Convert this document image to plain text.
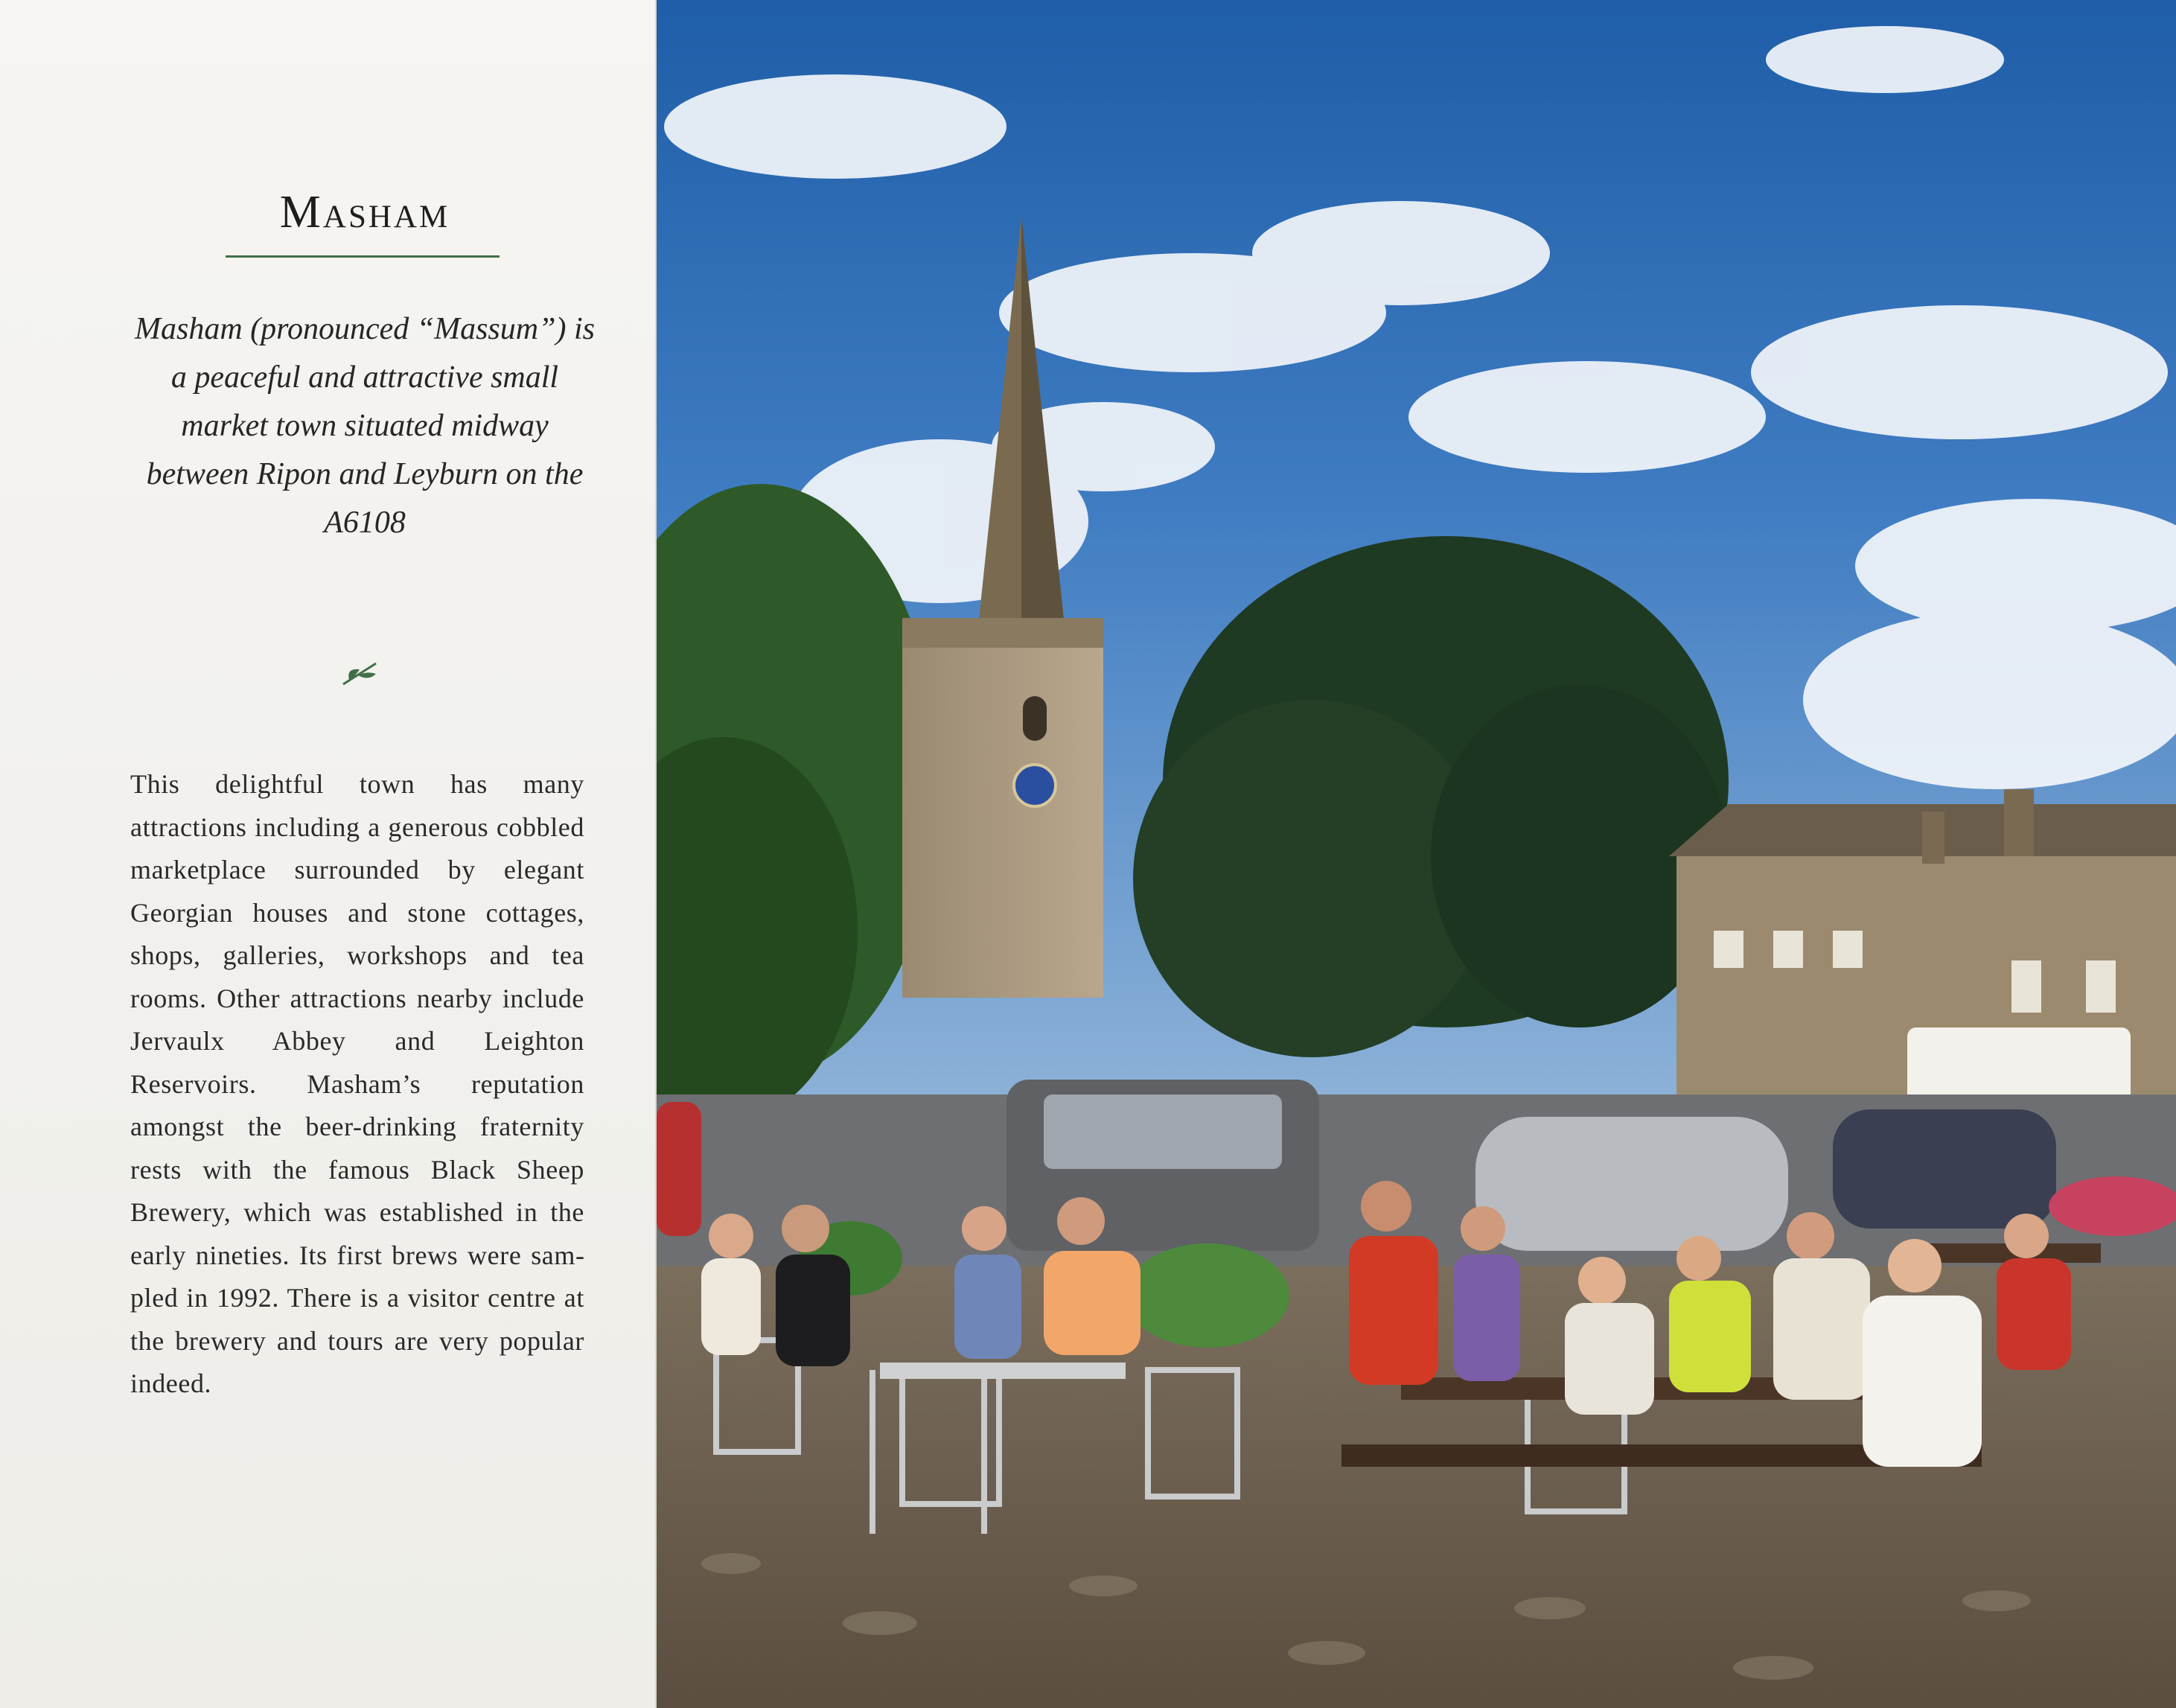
Masham
Masham (pronounced “Massum”) is a peaceful and attractive small market town situated midway between Ripon and Leyburn on the A6108
This delightful town has many attractions including a generous cobbled marketplace surrounded by elegant Georgian houses and stone cottages, shops, galleries, workshops and tea rooms. Other attractions nearby include Jervaulx Abbey and Leighton Reservoirs. Masham’s reputation amongst the beer-drinking fraternity rests with the famous Black Sheep Brewery, which was established in the early nineties. Its first brews were sampled in 1992. There is a visitor centre at the brewery and tours are very popular indeed.
